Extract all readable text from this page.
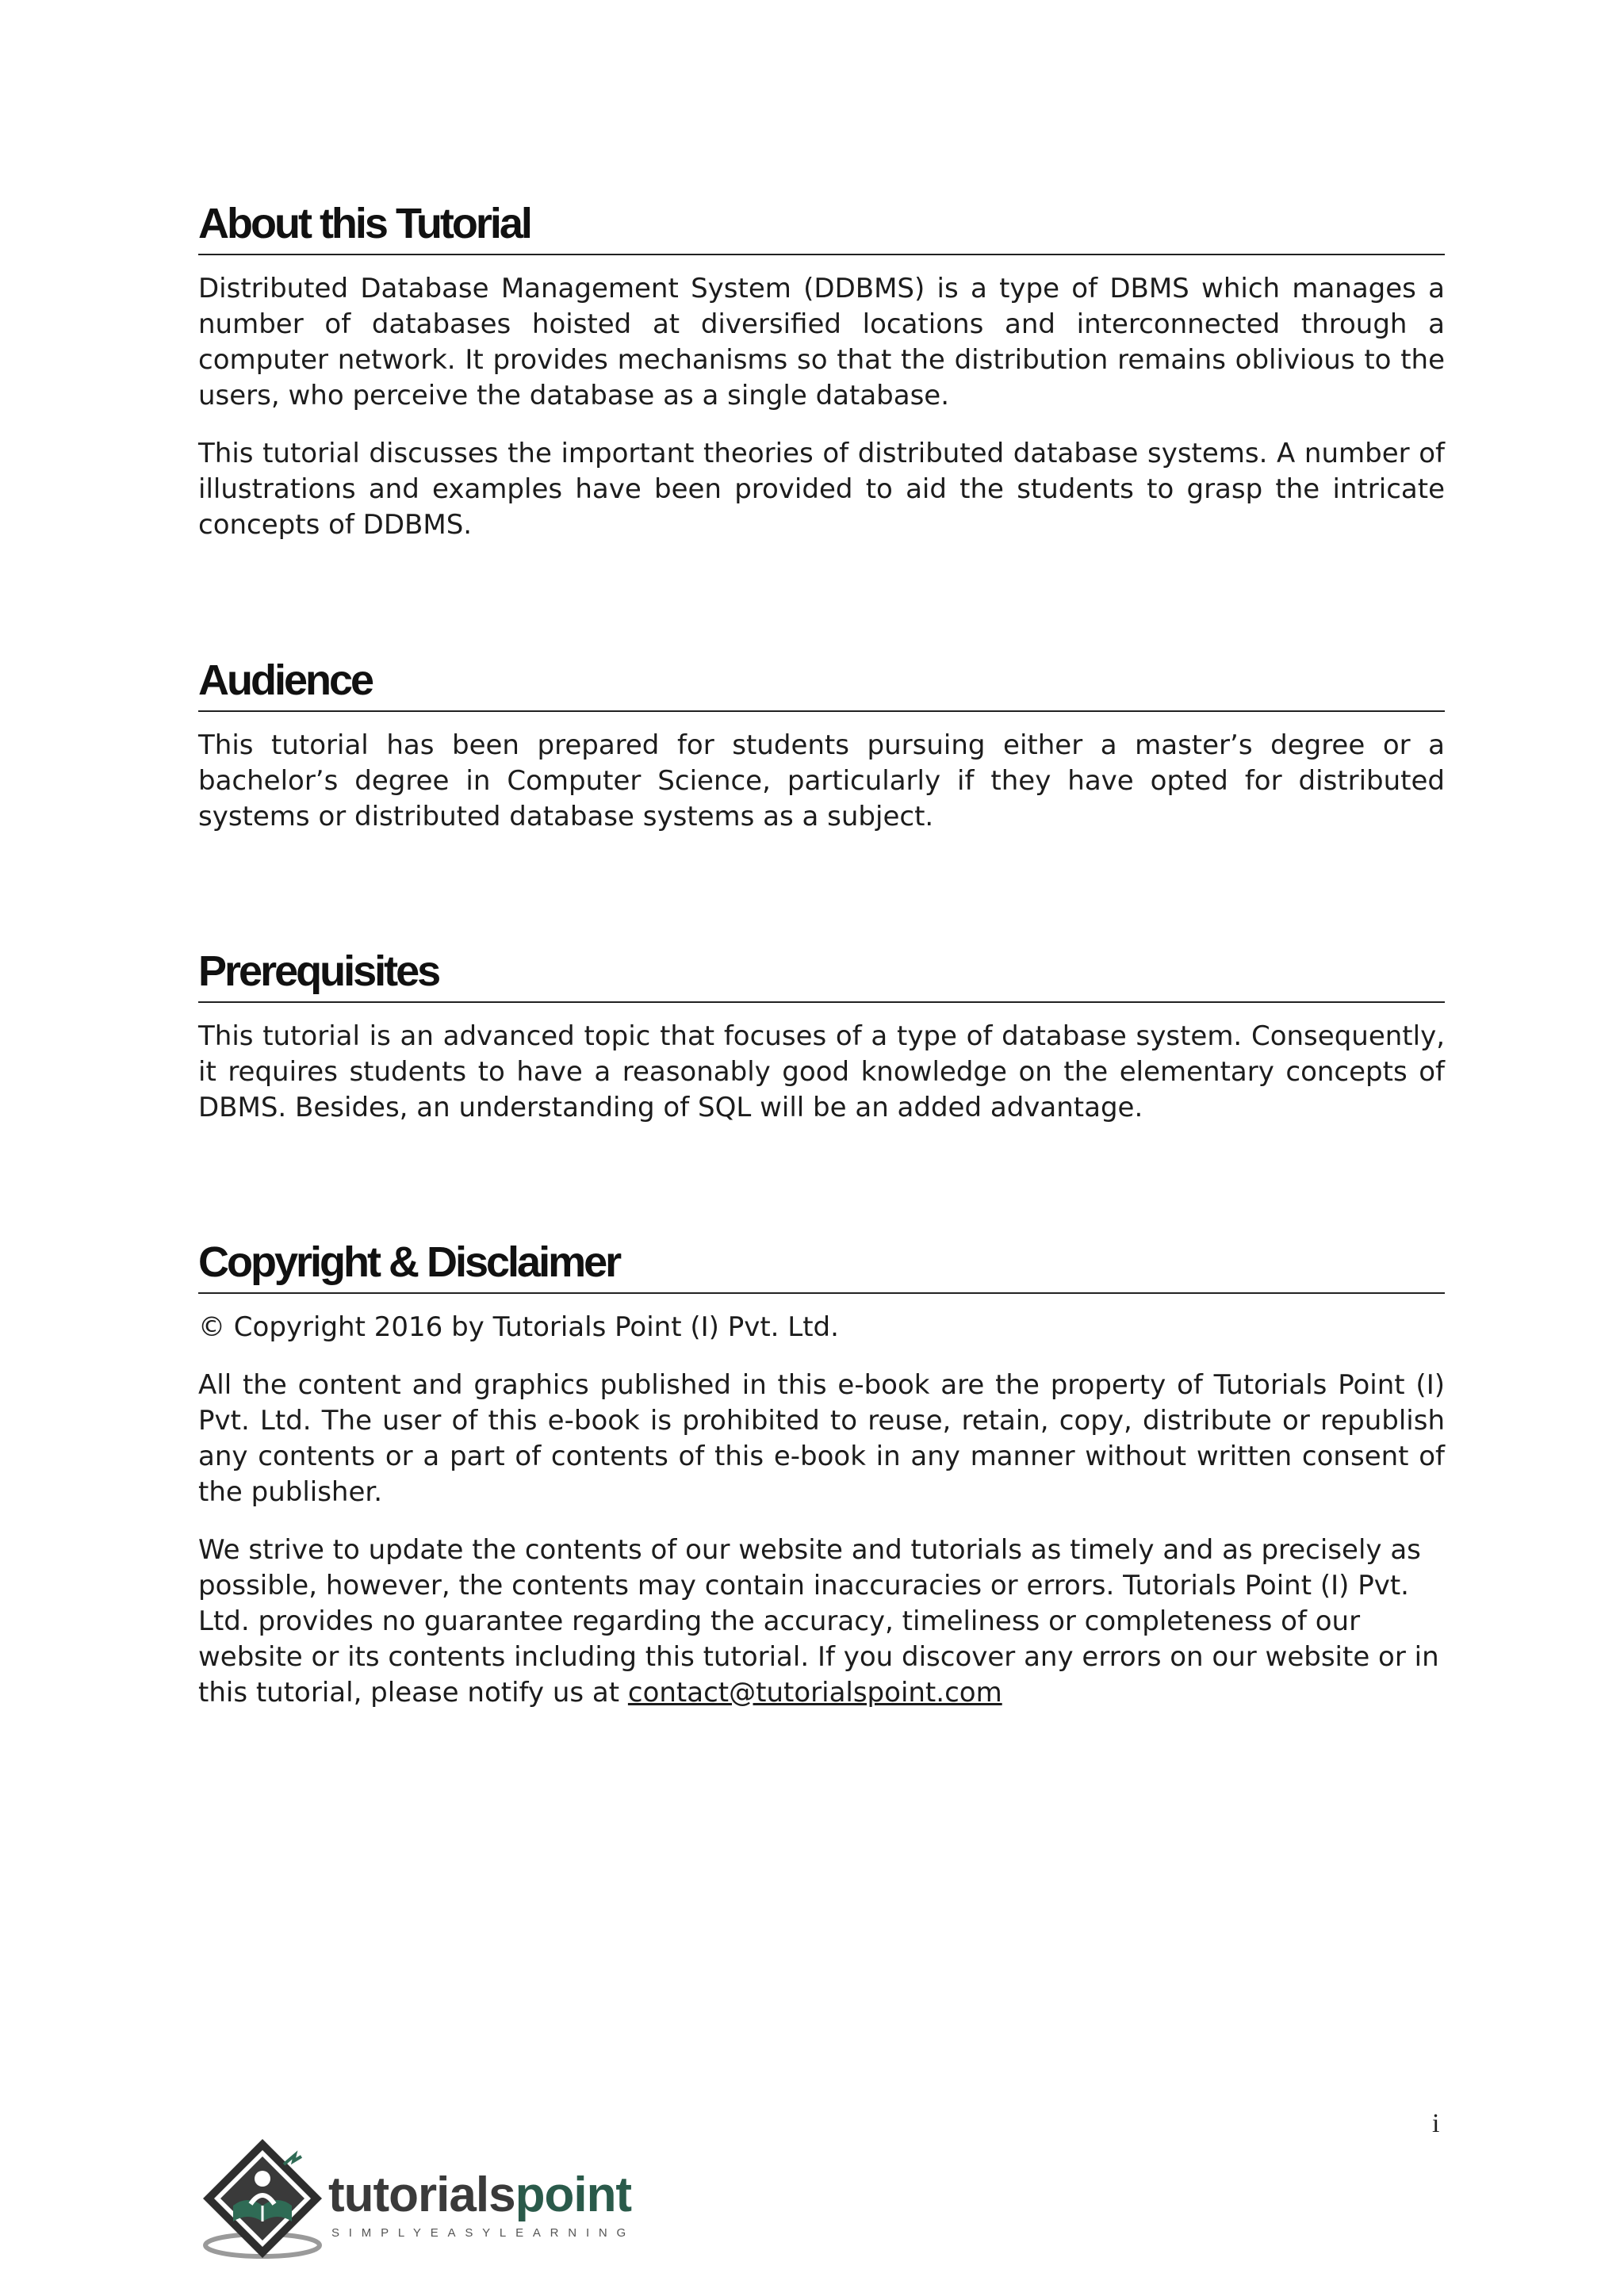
About this Tutorial

Distributed Database Management System (DDBMS) is a type of DBMS which manages a number of databases hoisted at diversified locations and interconnected through a computer network. It provides mechanisms so that the distribution remains oblivious to the users, who perceive the database as a single database.

This tutorial discusses the important theories of distributed database systems. A number of illustrations and examples have been provided to aid the students to grasp the intricate concepts of DDBMS.

Audience

This tutorial has been prepared for students pursuing either a master’s degree or a bachelor’s degree in Computer Science, particularly if they have opted for distributed systems or distributed database systems as a subject.

Prerequisites

This tutorial is an advanced topic that focuses of a type of database system. Consequently, it requires students to have a reasonably good knowledge on the elementary concepts of DBMS. Besides, an understanding of SQL will be an added advantage.

Copyright & Disclaimer

© Copyright 2016 by Tutorials Point (I) Pvt. Ltd.

All the content and graphics published in this e-book are the property of Tutorials Point (I) Pvt. Ltd. The user of this e-book is prohibited to reuse, retain, copy, distribute or republish any contents or a part of contents of this e-book in any manner without written consent of the publisher.

We strive to update the contents of our website and tutorials as timely and as precisely as possible, however, the contents may contain inaccuracies or errors. Tutorials Point (I) Pvt. Ltd. provides no guarantee regarding the accuracy, timeliness or completeness of our website or its contents including this tutorial. If you discover any errors on our website or in this tutorial, please notify us at contact@tutorialspoint.com

i
tutorialspoint
SIMPLYEASYLEARNING
